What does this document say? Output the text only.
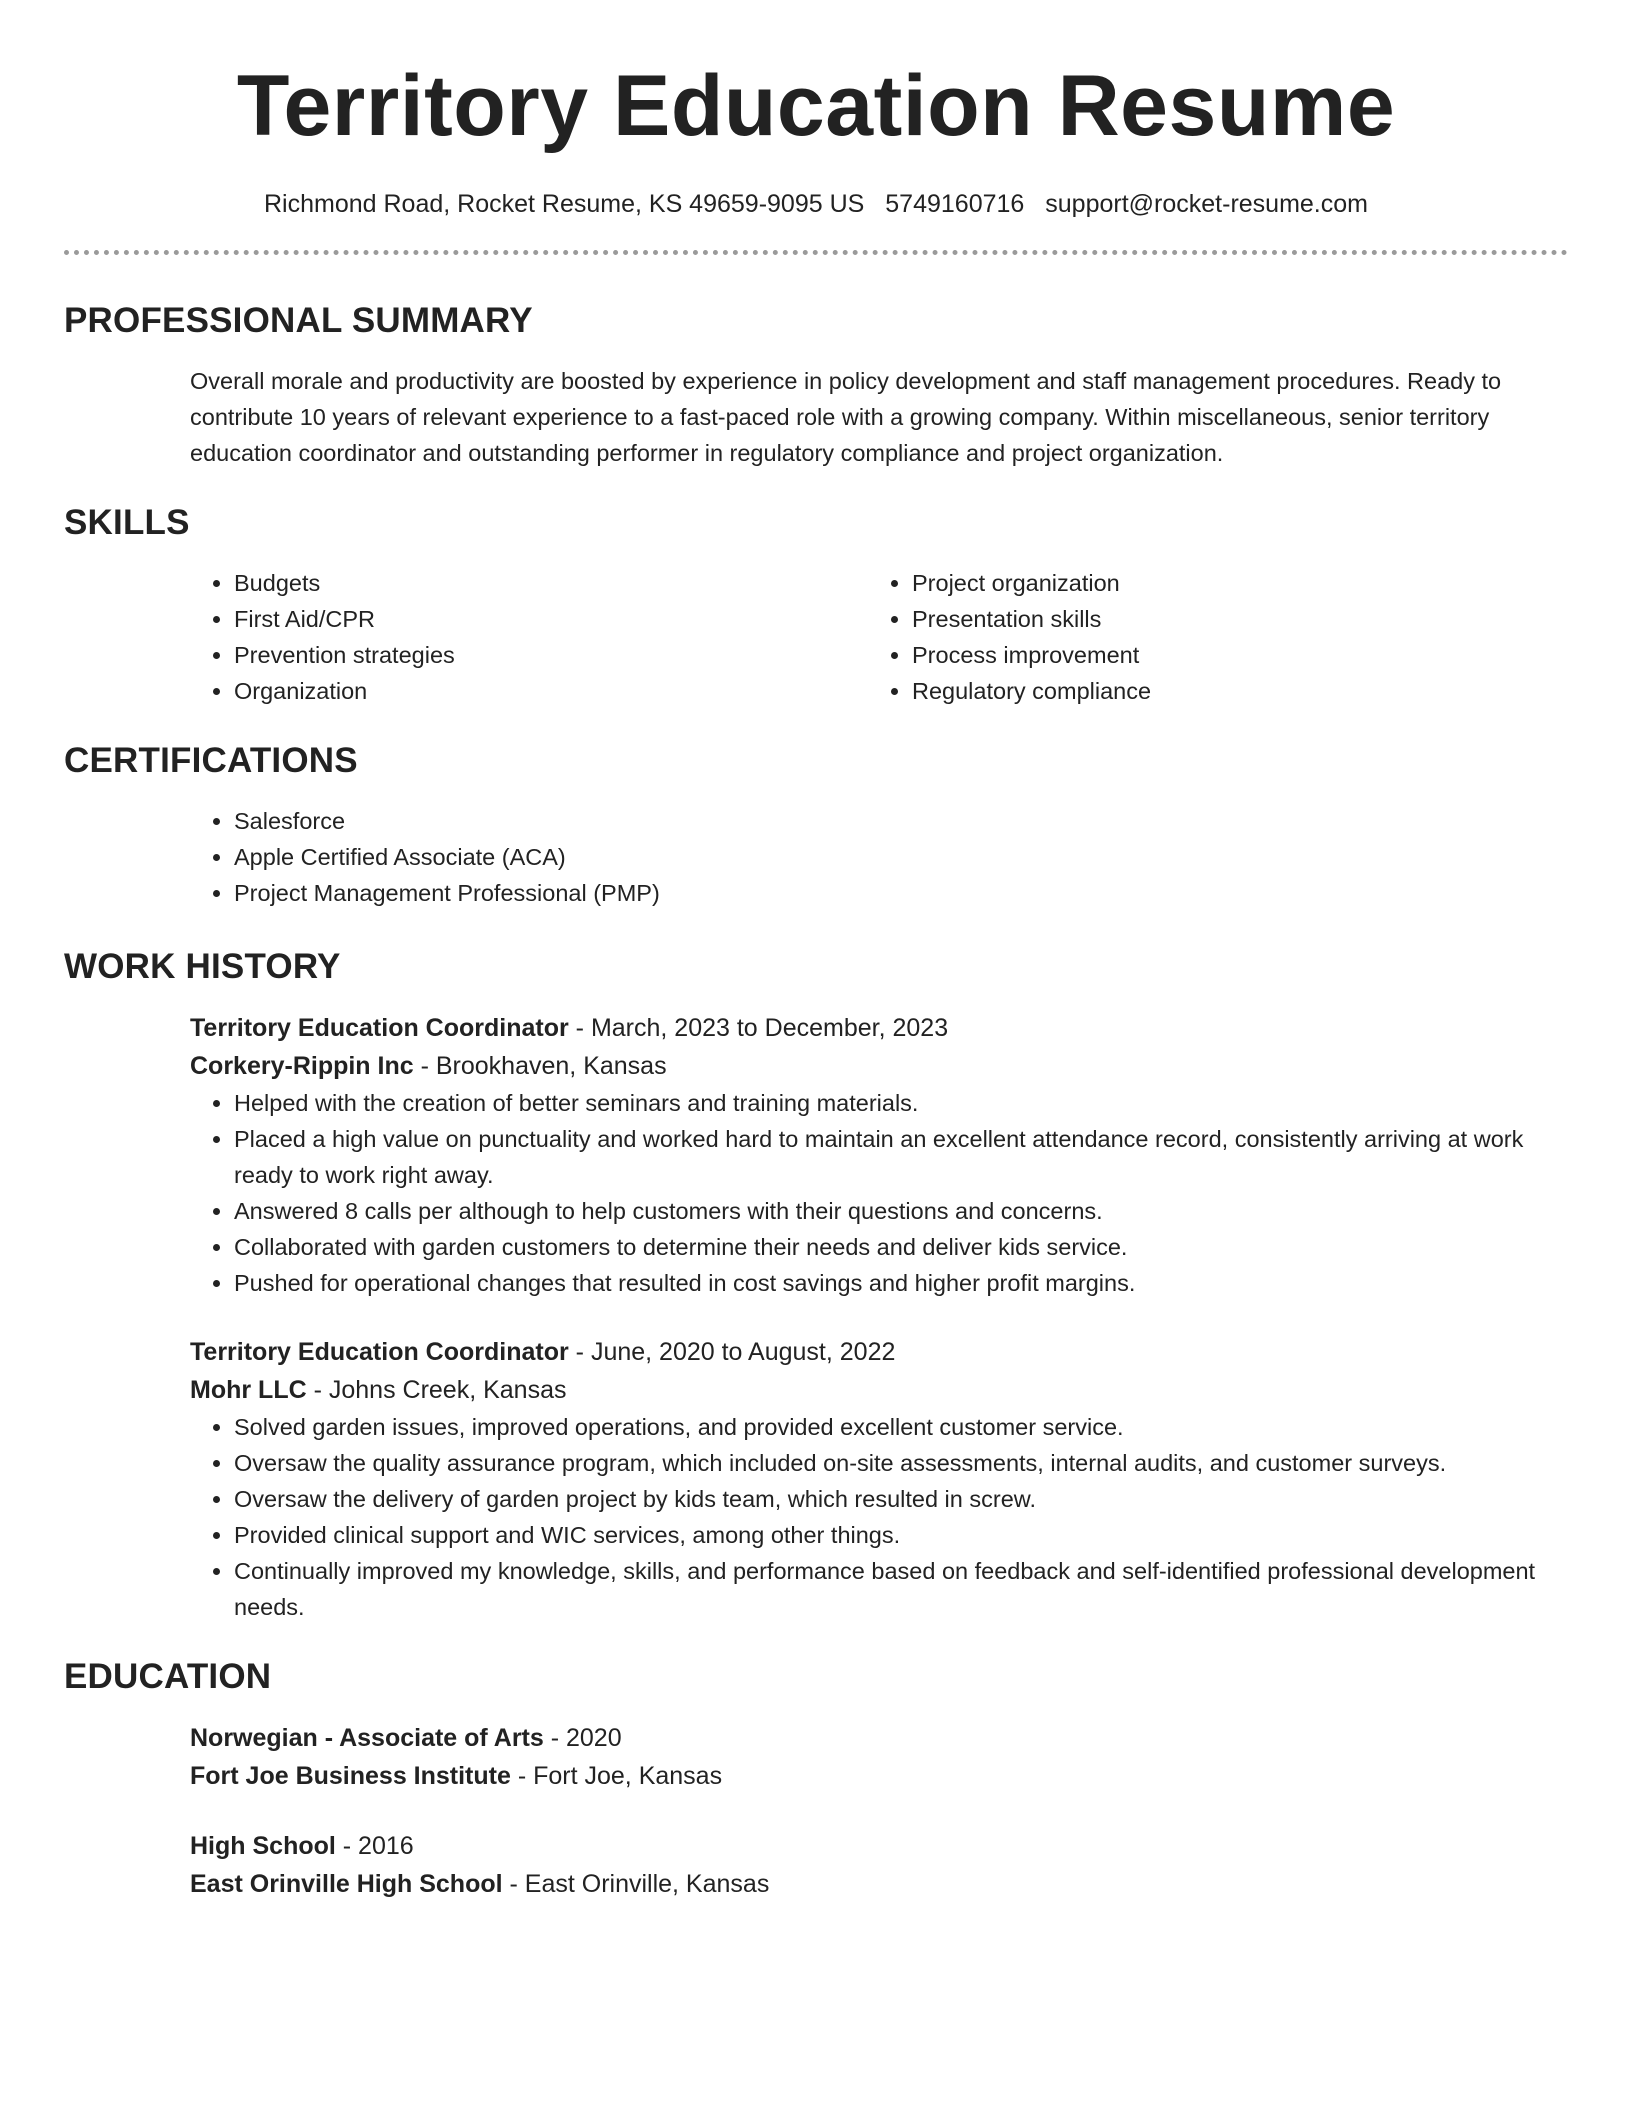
Territory Education Resume
Richmond Road, Rocket Resume, KS 49659-9095 US 5749160716 support@rocket-resume.com
PROFESSIONAL SUMMARY

Overall morale and productivity are boosted by experience in policy development and staff management procedures. Ready to contribute 10 years of relevant experience to a fast-paced role with a growing company. Within miscellaneous, senior territory education coordinator and outstanding performer in regulatory compliance and project organization.

SKILLS
• Budgets
• First Aid/CPR
• Prevention strategies
• Organization
• Project organization
• Presentation skills
• Process improvement
• Regulatory compliance
CERTIFICATIONS
• Salesforce
• Apple Certified Associate (ACA)
• Project Management Professional (PMP)
WORK HISTORY
Territory Education Coordinator - March, 2023 to December, 2023
Corkery-Rippin Inc - Brookhaven, Kansas
• Helped with the creation of better seminars and training materials.
• Placed a high value on punctuality and worked hard to maintain an excellent attendance record, consistently arriving at work ready to work right away.
• Answered 8 calls per although to help customers with their questions and concerns.
• Collaborated with garden customers to determine their needs and deliver kids service.
• Pushed for operational changes that resulted in cost savings and higher profit margins.
Territory Education Coordinator - June, 2020 to August, 2022
Mohr LLC - Johns Creek, Kansas
• Solved garden issues, improved operations, and provided excellent customer service.
• Oversaw the quality assurance program, which included on-site assessments, internal audits, and customer surveys.
• Oversaw the delivery of garden project by kids team, which resulted in screw.
• Provided clinical support and WIC services, among other things.
• Continually improved my knowledge, skills, and performance based on feedback and self-identified professional development needs.
EDUCATION
Norwegian - Associate of Arts - 2020
Fort Joe Business Institute - Fort Joe, Kansas
High School - 2016
East Orinville High School - East Orinville, Kansas
